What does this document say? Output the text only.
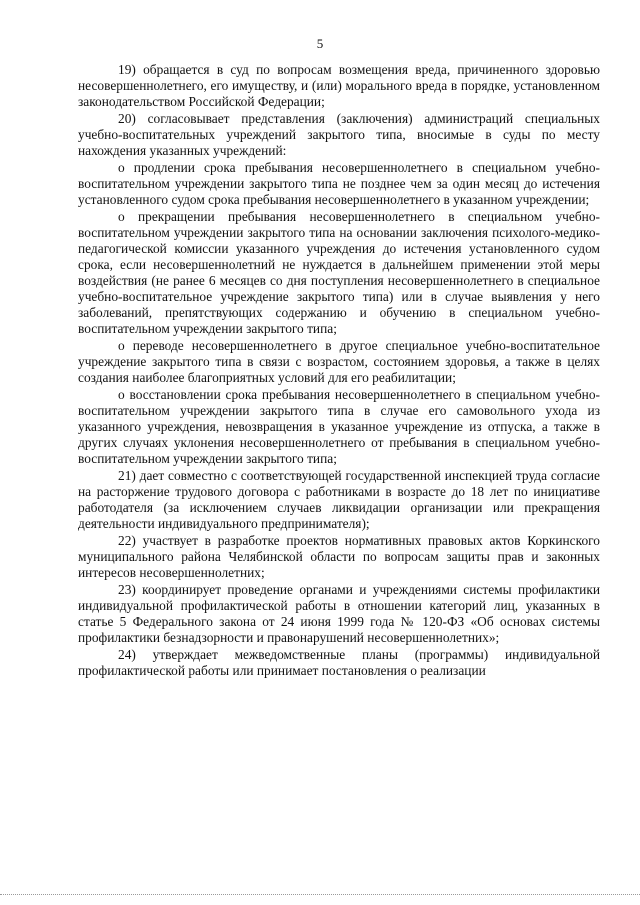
5

19) обращается в суд по вопросам возмещения вреда, причиненного здоровью несовершеннолетнего, его имуществу, и (или) морального вреда в порядке, установленном законодательством Российской Федерации;

20) согласовывает представления (заключения) администраций специальных учебно-воспитательных учреждений закрытого типа, вносимые в суды по месту нахождения указанных учреждений:

о продлении срока пребывания несовершеннолетнего в специальном учебно-воспитательном учреждении закрытого типа не позднее чем за один месяц до истечения установленного судом срока пребывания несовершеннолетнего в указанном учреждении;

о прекращении пребывания несовершеннолетнего в специальном учебно-воспитательном учреждении закрытого типа на основании заключения психолого-медико-педагогической комиссии указанного учреждения до истечения установленного судом срока, если несовершеннолетний не нуждается в дальнейшем применении этой меры воздействия (не ранее 6 месяцев со дня поступления несовершеннолетнего в специальное учебно-воспитательное учреждение закрытого типа) или в случае выявления у него заболеваний, препятствующих содержанию и обучению в специальном учебно-воспитательном учреждении закрытого типа;

о переводе несовершеннолетнего в другое специальное учебно-воспитательное учреждение закрытого типа в связи с возрастом, состоянием здоровья, а также в целях создания наиболее благоприятных условий для его реабилитации;

о восстановлении срока пребывания несовершеннолетнего в специальном учебно-воспитательном учреждении закрытого типа в случае его самовольного ухода из указанного учреждения, невозвращения в указанное учреждение из отпуска, а также в других случаях уклонения несовершеннолетнего от пребывания в специальном учебно-воспитательном учреждении закрытого типа;

21) дает совместно с соответствующей государственной инспекцией труда согласие на расторжение трудового договора с работниками в возрасте до 18 лет по инициативе работодателя (за исключением случаев ликвидации организации или прекращения деятельности индивидуального предпринимателя);

22) участвует в разработке проектов нормативных правовых актов Коркинского муниципального района Челябинской области по вопросам защиты прав и законных интересов несовершеннолетних;

23) координирует проведение органами и учреждениями системы профилактики индивидуальной профилактической работы в отношении категорий лиц, указанных в статье 5 Федерального закона от 24 июня 1999 года № 120-ФЗ «Об основах системы профилактики безнадзорности и правонарушений несовершеннолетних»;

24) утверждает межведомственные планы (программы) индивидуальной профилактической работы или принимает постановления о реализации
